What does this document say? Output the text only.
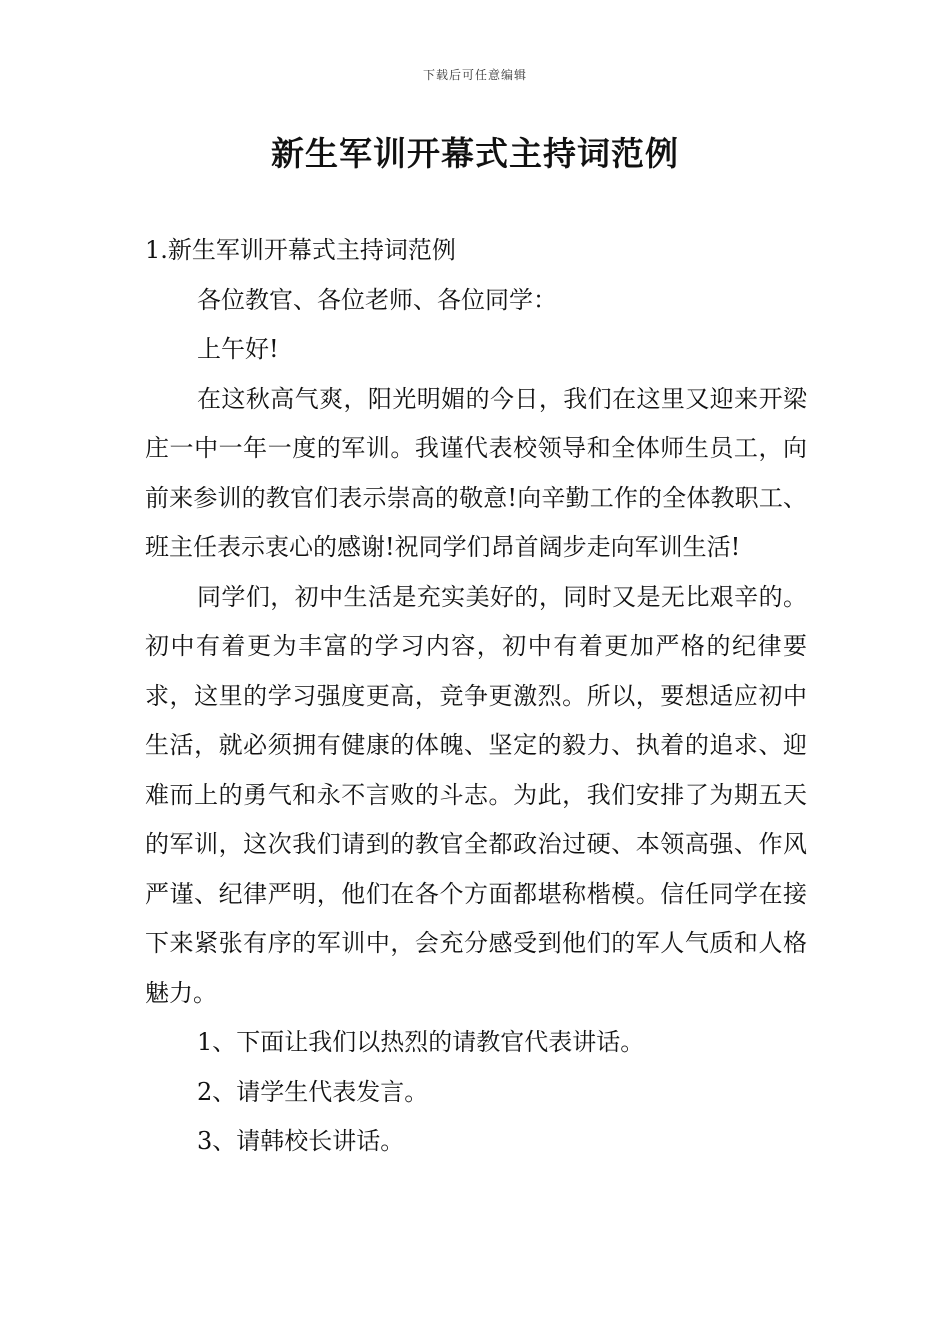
下载后可任意编辑
新生军训开幕式主持词范例

1.新生军训开幕式主持词范例

各位教官、各位老师、各位同学：

上午好!

在这秋高气爽，阳光明媚的今日，我们在这里又迎来开梁庄一中一年一度的军训。我谨代表校领导和全体师生员工，向前来参训的教官们表示崇高的敬意!向辛勤工作的全体教职工、班主任表示衷心的感谢!祝同学们昂首阔步走向军训生活!

同学们，初中生活是充实美好的，同时又是无比艰辛的。初中有着更为丰富的学习内容，初中有着更加严格的纪律要求，这里的学习强度更高，竞争更激烈。所以，要想适应初中生活，就必须拥有健康的体魄、坚定的毅力、执着的追求、迎难而上的勇气和永不言败的斗志。为此，我们安排了为期五天的军训，这次我们请到的教官全都政治过硬、本领高强、作风严谨、纪律严明，他们在各个方面都堪称楷模。信任同学在接下来紧张有序的军训中，会充分感受到他们的军人气质和人格魅力。

1、下面让我们以热烈的请教官代表讲话。

2、请学生代表发言。

3、请韩校长讲话。
